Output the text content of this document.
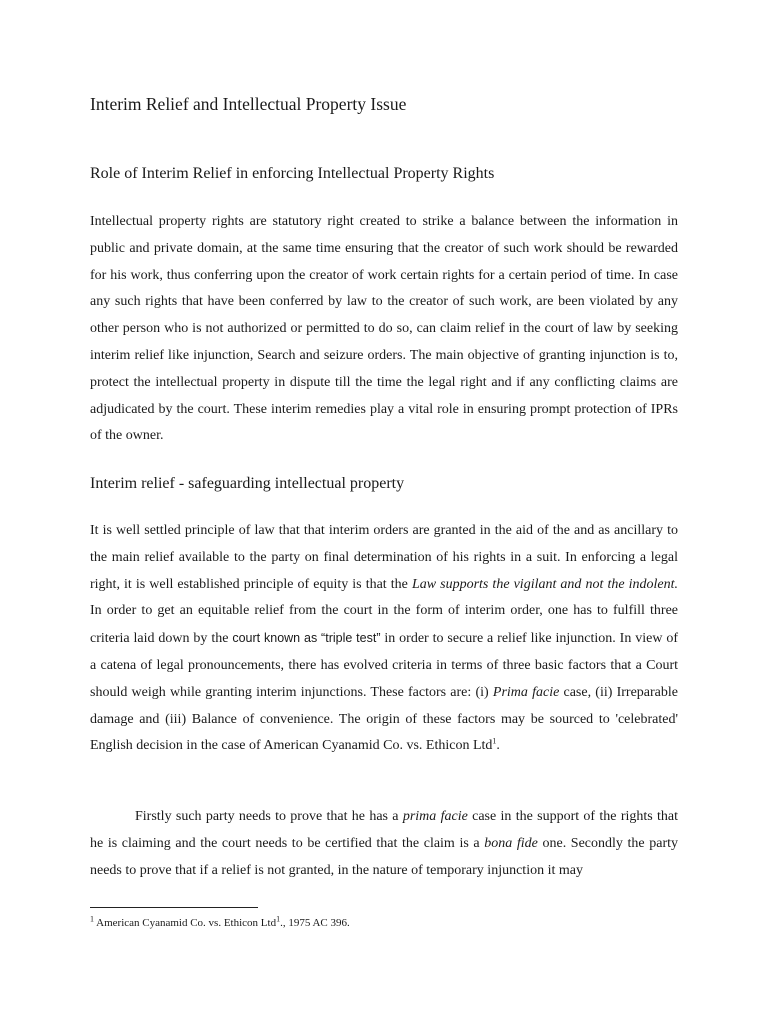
Interim Relief and Intellectual Property Issue
Role of Interim Relief in enforcing Intellectual Property Rights

Intellectual property rights are statutory right created to strike a balance between the information in public and private domain, at the same time ensuring that the creator of such work should be rewarded for his work, thus conferring upon the creator of work certain rights for a certain period of time. In case any such rights that have been conferred by law to the creator of such work, are been violated by any other person who is not authorized or permitted to do so, can claim relief in the court of law by seeking interim relief like injunction, Search and seizure orders. The main objective of granting injunction is to, protect the intellectual property in dispute till the time the legal right and if any conflicting claims are adjudicated by the court. These interim remedies play a vital role in ensuring prompt protection of IPRs of the owner.

Interim relief - safeguarding intellectual property

It is well settled principle of law that that interim orders are granted in the aid of the and as ancillary to the main relief available to the party on final determination of his rights in a suit. In enforcing a legal right, it is well established principle of equity is that the Law supports the vigilant and not the indolent. In order to get an equitable relief from the court in the form of interim order, one has to fulfill three criteria laid down by the court known as “triple test” in order to secure a relief like injunction. In view of a catena of legal pronouncements, there has evolved criteria in terms of three basic factors that a Court should weigh while granting interim injunctions. These factors are: (i) Prima facie case, (ii) Irreparable damage and (iii) Balance of convenience. The origin of these factors may be sourced to 'celebrated' English decision in the case of American Cyanamid Co. vs. Ethicon Ltd$^1$.

Firstly such party needs to prove that he has a prima facie case in the support of the rights that he is claiming and the court needs to be certified that the claim is a bona fide one. Secondly the party needs to prove that if a relief is not granted, in the nature of temporary injunction it may

$^1$ American Cyanamid Co. vs. Ethicon Ltd$^1$., 1975 AC 396.
